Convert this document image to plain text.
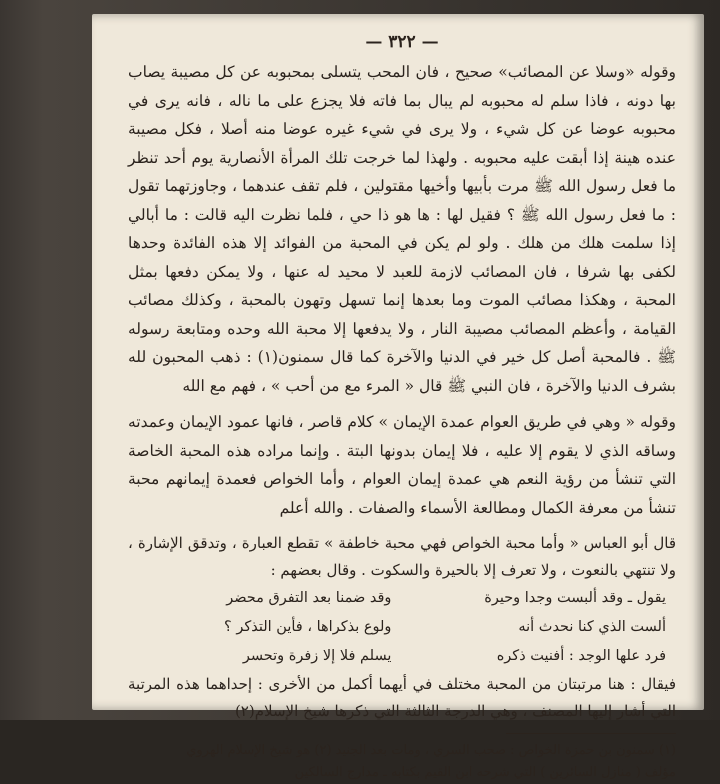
— ٣٢٢ —

وقوله «وسلا عن المصائب» صحيح ، فان المحب يتسلى بمحبوبه عن كل مصيبة يصاب بها دونه ، فاذا سلم له محبوبه لم يبال بما فاته فلا يجزع على ما ناله ، فانه يرى في محبوبه عوضا عن كل شيء ، ولا يرى في شيء غيره عوضا منه أصلا ، فكل مصيبة عنده هينة إذا أبقت عليه محبوبه . ولهذا لما خرجت تلك المرأة الأنصارية يوم أحد تنظر ما فعل رسول الله ﷺ مرت بأبيها وأخيها مقتولين ، فلم تقف عندهما ، وجاوزتهما تقول : ما فعل رسول الله ﷺ ؟ فقيل لها : ها هو ذا حي ، فلما نظرت اليه قالت : ما أبالي إذا سلمت هلك من هلك . ولو لم يكن في المحبة من الفوائد إلا هذه الفائدة وحدها لكفى بها شرفا ، فان المصائب لازمة للعبد لا محيد له عنها ، ولا يمكن دفعها بمثل المحبة ، وهكذا مصائب الموت وما بعدها إنما تسهل وتهون بالمحبة ، وكذلك مصائب القيامة ، وأعظم المصائب مصيبة النار ، ولا يدفعها إلا محبة الله وحده ومتابعة رسوله ﷺ . فالمحبة أصل كل خير في الدنيا والآخرة كما قال سمنون(١) : ذهب المحبون لله بشرف الدنيا والآخرة ، فان النبي ﷺ قال « المرء مع من أحب » ، فهم مع الله

وقوله « وهي في طريق العوام عمدة الإيمان » كلام قاصر ، فانها عمود الإيمان وعمدته وساقه الذي لا يقوم إلا عليه ، فلا إيمان بدونها البتة . وإنما مراده هذه المحبة الخاصة التي تنشأ من رؤية النعم هي عمدة إيمان العوام ، وأما الخواص فعمدة إيمانهم محبة تنشأ من معرفة الكمال ومطالعة الأسماء والصفات . والله أعلم

قال أبو العباس « وأما محبة الخواص فهي محبة خاطفة » تقطع العبارة ، وتدقق الإشارة ، ولا تنتهي بالنعوت ، ولا تعرف إلا بالحيرة والسكوت . وقال بعضهم :

يقول ـ وقد ألبست وجدا وحيرة
وقد ضمنا بعد التفرق محضر
ألست الذي كنا نحدث أنه
ولوع بذكراها ، فأين التذكر ؟
فرد علها الوجد : أفنيت ذكره
يسلم فلا إلا زفرة وتحسر

فيقال : هنا مرتبتان من المحبة مختلف في أيهما أكمل من الأخرى : إحداهما هذه المرتبة التي أشار إليها المصنف ، وهي الدرجة الثالثة التي ذكرها شيخ الإسلام(٢)

(١) سمنون بن حمزة الخواص : صحب السري ، ومات بعد الجنيد (٢) هو شيخ الإسلام الهروي
مؤلف ( منازل السائرين ) التي شرحه ابن القيم بكتابه ـ مدارج السالكين
